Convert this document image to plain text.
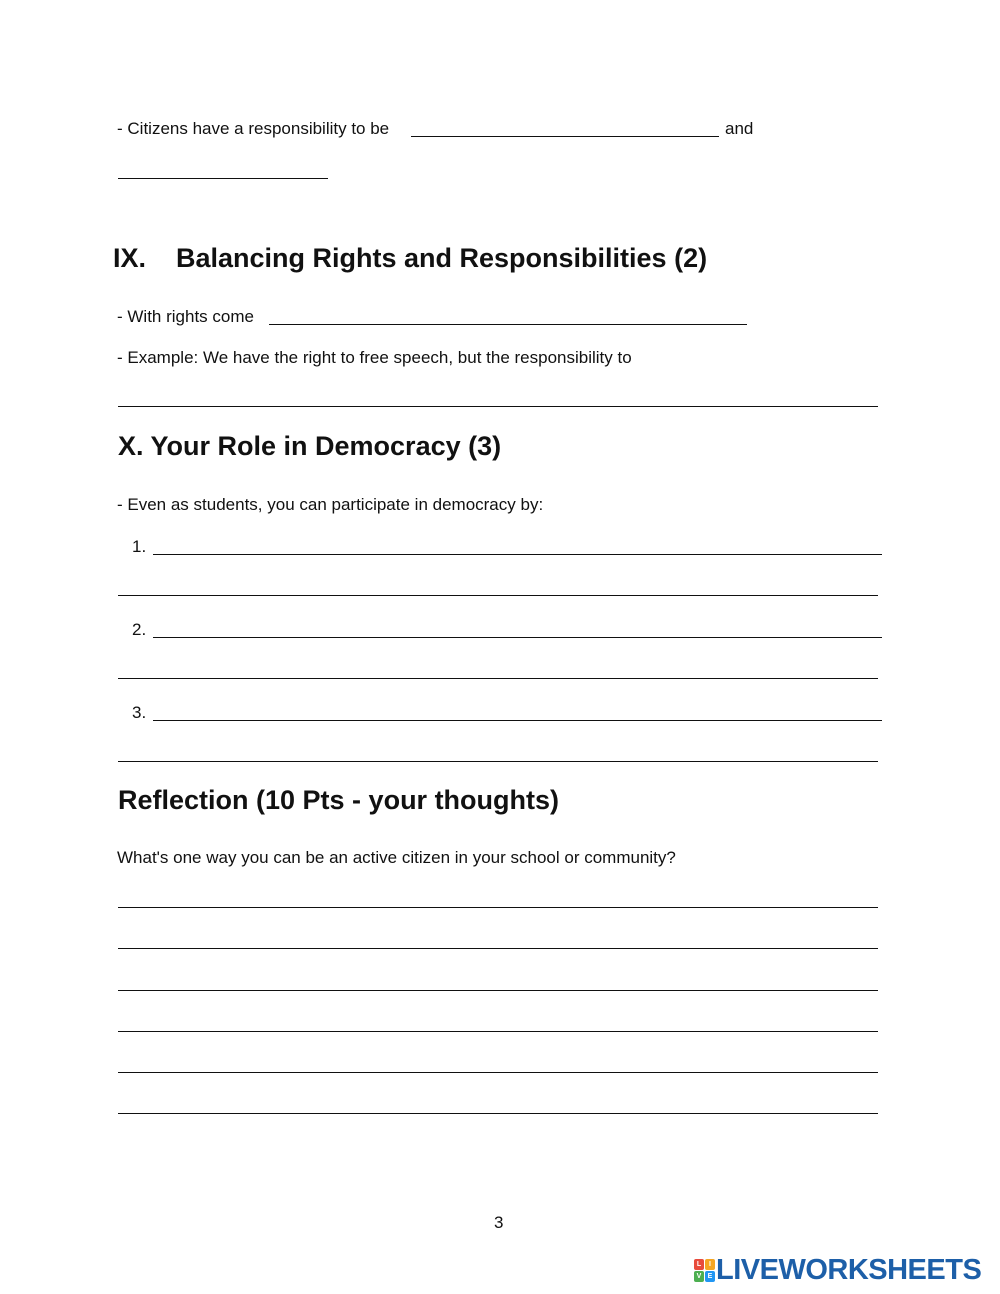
- Citizens have a responsibility to be	and
IX. Balancing Rights and Responsibilities (2)
- With rights come
- Example: We have the right to free speech, but the responsibility to
X. Your Role in Democracy (3)
- Even as students, you can participate in democracy by:
1.
2.
3.
Reflection (10 Pts - your thoughts)
What's one way you can be an active citizen in your school or community?
3
L	I
V E LIVEWORKSHEETS
